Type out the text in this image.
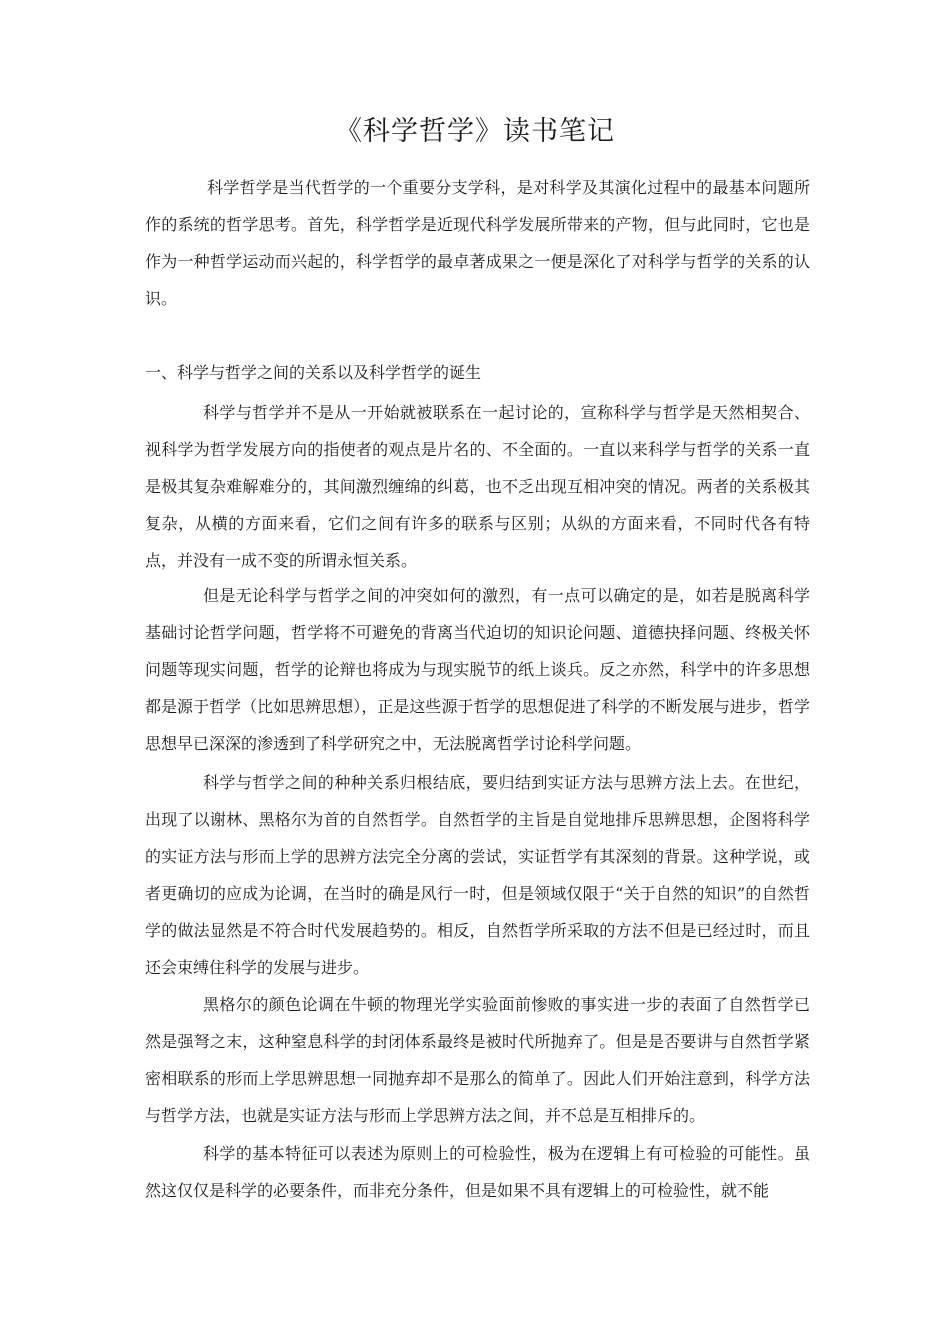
《科学哲学》读书笔记

科学哲学是当代哲学的一个重要分支学科，是对科学及其演化过程中的最基本问题所作的系统的哲学思考。首先，科学哲学是近现代科学发展所带来的产物，但与此同时，它也是作为一种哲学运动而兴起的，科学哲学的最卓著成果之一便是深化了对科学与哲学的关系的认识。

一、科学与哲学之间的关系以及科学哲学的诞生

科学与哲学并不是从一开始就被联系在一起讨论的，宣称科学与哲学是天然相契合、视科学为哲学发展方向的指使者的观点是片名的、不全面的。一直以来科学与哲学的关系一直是极其复杂难解难分的，其间激烈缠绵的纠葛，也不乏出现互相冲突的情况。两者的关系极其复杂，从横的方面来看，它们之间有许多的联系与区别；从纵的方面来看，不同时代各有特点，并没有一成不变的所谓永恒关系。

但是无论科学与哲学之间的冲突如何的激烈，有一点可以确定的是，如若是脱离科学基础讨论哲学问题，哲学将不可避免的背离当代迫切的知识论问题、道德抉择问题、终极关怀问题等现实问题，哲学的论辩也将成为与现实脱节的纸上谈兵。反之亦然，科学中的许多思想都是源于哲学（比如思辨思想），正是这些源于哲学的思想促进了科学的不断发展与进步，哲学思想早已深深的渗透到了科学研究之中，无法脱离哲学讨论科学问题。

科学与哲学之间的种种关系归根结底，要归结到实证方法与思辨方法上去。在世纪，出现了以谢林、黑格尔为首的自然哲学。自然哲学的主旨是自觉地排斥思辨思想，企图将科学的实证方法与形而上学的思辨方法完全分离的尝试，实证哲学有其深刻的背景。这种学说，或者更确切的应成为论调，在当时的确是风行一时，但是领域仅限于“关于自然的知识”的自然哲学的做法显然是不符合时代发展趋势的。相反，自然哲学所采取的方法不但是已经过时，而且还会束缚住科学的发展与进步。

黑格尔的颜色论调在牛顿的物理光学实验面前惨败的事实进一步的表面了自然哲学已然是强弩之末，这种窒息科学的封闭体系最终是被时代所抛弃了。但是是否要讲与自然哲学紧密相联系的形而上学思辨思想一同抛弃却不是那么的简单了。因此人们开始注意到，科学方法与哲学方法，也就是实证方法与形而上学思辨方法之间，并不总是互相排斥的。

科学的基本特征可以表述为原则上的可检验性，极为在逻辑上有可检验的可能性。虽然这仅仅是科学的必要条件，而非充分条件，但是如果不具有逻辑上的可检验性，就不能
